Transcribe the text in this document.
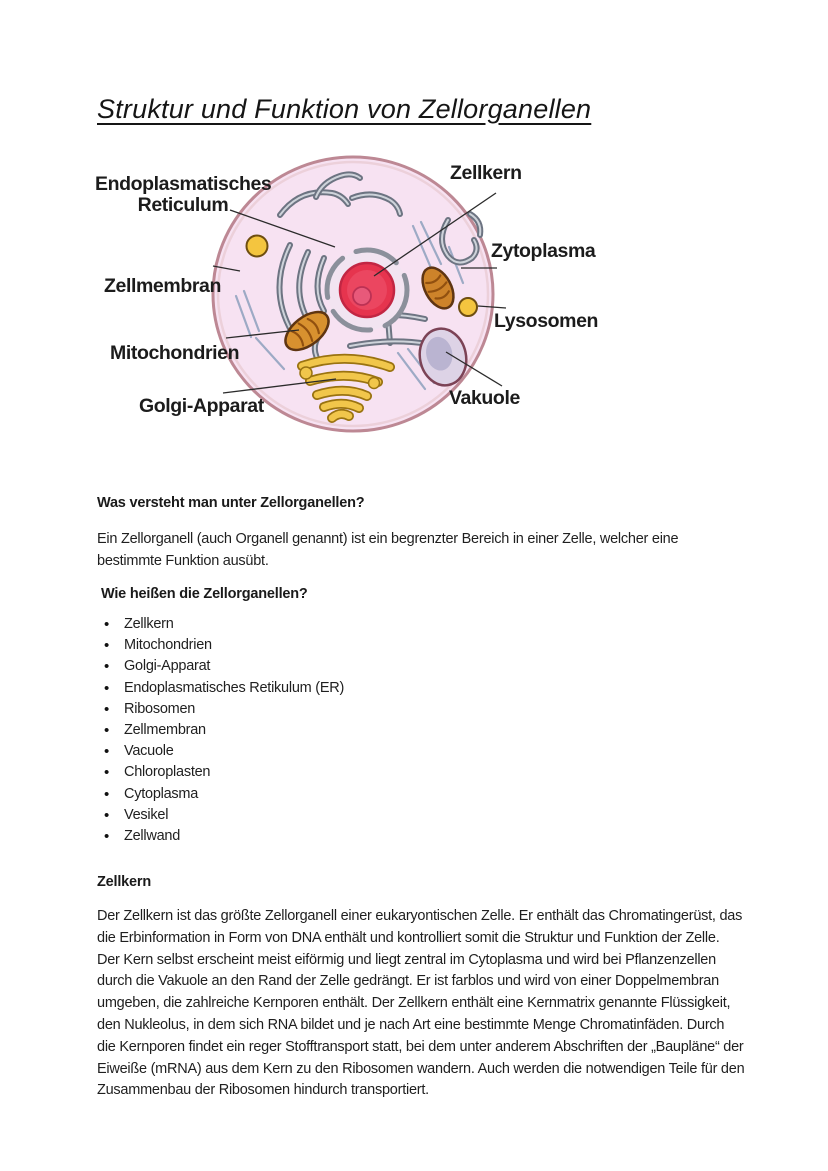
Struktur und Funktion von Zellorganellen
Endoplasmatisches Reticulum
Zellkern
Zytoplasma
Zellmembran
Lysosomen
Mitochondrien
Vakuole
Golgi-Apparat
Was versteht man unter Zellorganellen?
Ein Zellorganell (auch Organell genannt) ist ein begrenzter Bereich in einer Zelle, welcher eine bestimmte Funktion ausübt.
Wie heißen die Zellorganellen?
• Zellkern
• Mitochondrien
• Golgi-Apparat
• Endoplasmatisches Retikulum (ER)
• Ribosomen
• Zellmembran
• Vacuole
• Chloroplasten
• Cytoplasma
• Vesikel
• Zellwand
Zellkern
Der Zellkern ist das größte Zellorganell einer eukaryontischen Zelle. Er enthält das Chromatingerüst, das die Erbinformation in Form von DNA enthält und kontrolliert somit die Struktur und Funktion der Zelle. Der Kern selbst erscheint meist eiförmig und liegt zentral im Cytoplasma und wird bei Pflanzenzellen durch die Vakuole an den Rand der Zelle gedrängt. Er ist farblos und wird von einer Doppelmembran umgeben, die zahlreiche Kernporen enthält. Der Zellkern enthält eine Kernmatrix genannte Flüssigkeit, den Nukleolus, in dem sich RNA bildet und je nach Art eine bestimmte Menge Chromatinfäden. Durch die Kernporen findet ein reger Stofftransport statt, bei dem unter anderem Abschriften der „Baupläne“ der Eiweiße (mRNA) aus dem Kern zu den Ribosomen wandern. Auch werden die notwendigen Teile für den Zusammenbau der Ribosomen hindurch transportiert.
